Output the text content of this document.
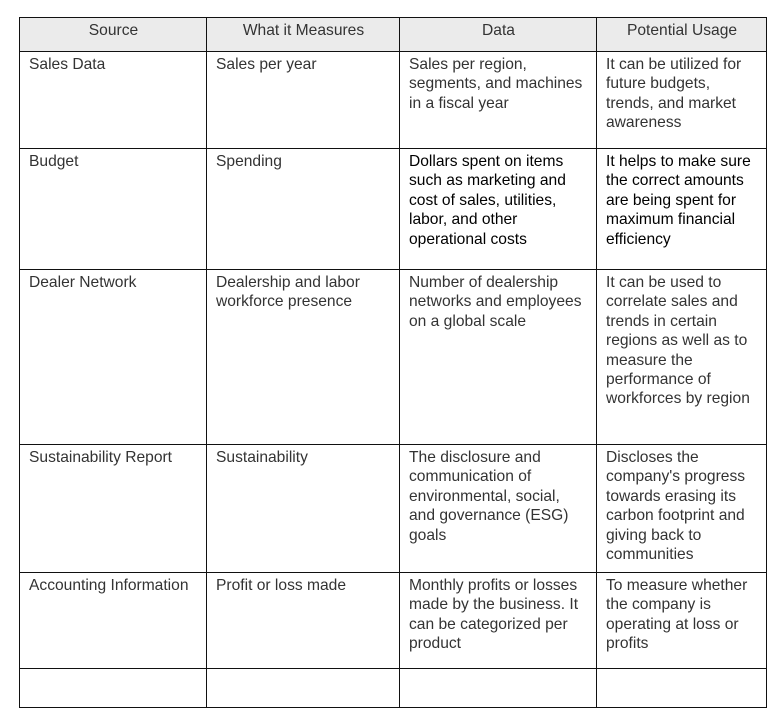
Source	What it Measures	Data	Potential Usage
Sales Data	Sales per year	Sales per region, segments, and machines in a fiscal year	It can be utilized for future budgets, trends, and market awareness
Budget	Spending	Dollars spent on items such as marketing and cost of sales, utilities, labor, and other operational costs	It helps to make sure the correct amounts are being spent for maximum financial efficiency
Dealer Network	Dealership and labor workforce presence	Number of dealership networks and employees on a global scale	It can be used to correlate sales and trends in certain regions as well as to measure the performance of workforces by region
Sustainability Report	Sustainability	The disclosure and communication of environmental, social, and governance (ESG) goals	Discloses the company's progress towards erasing its carbon footprint and giving back to communities
Accounting Information	Profit or loss made	Monthly profits or losses made by the business. It can be categorized per product	To measure whether the company is operating at loss or profits
